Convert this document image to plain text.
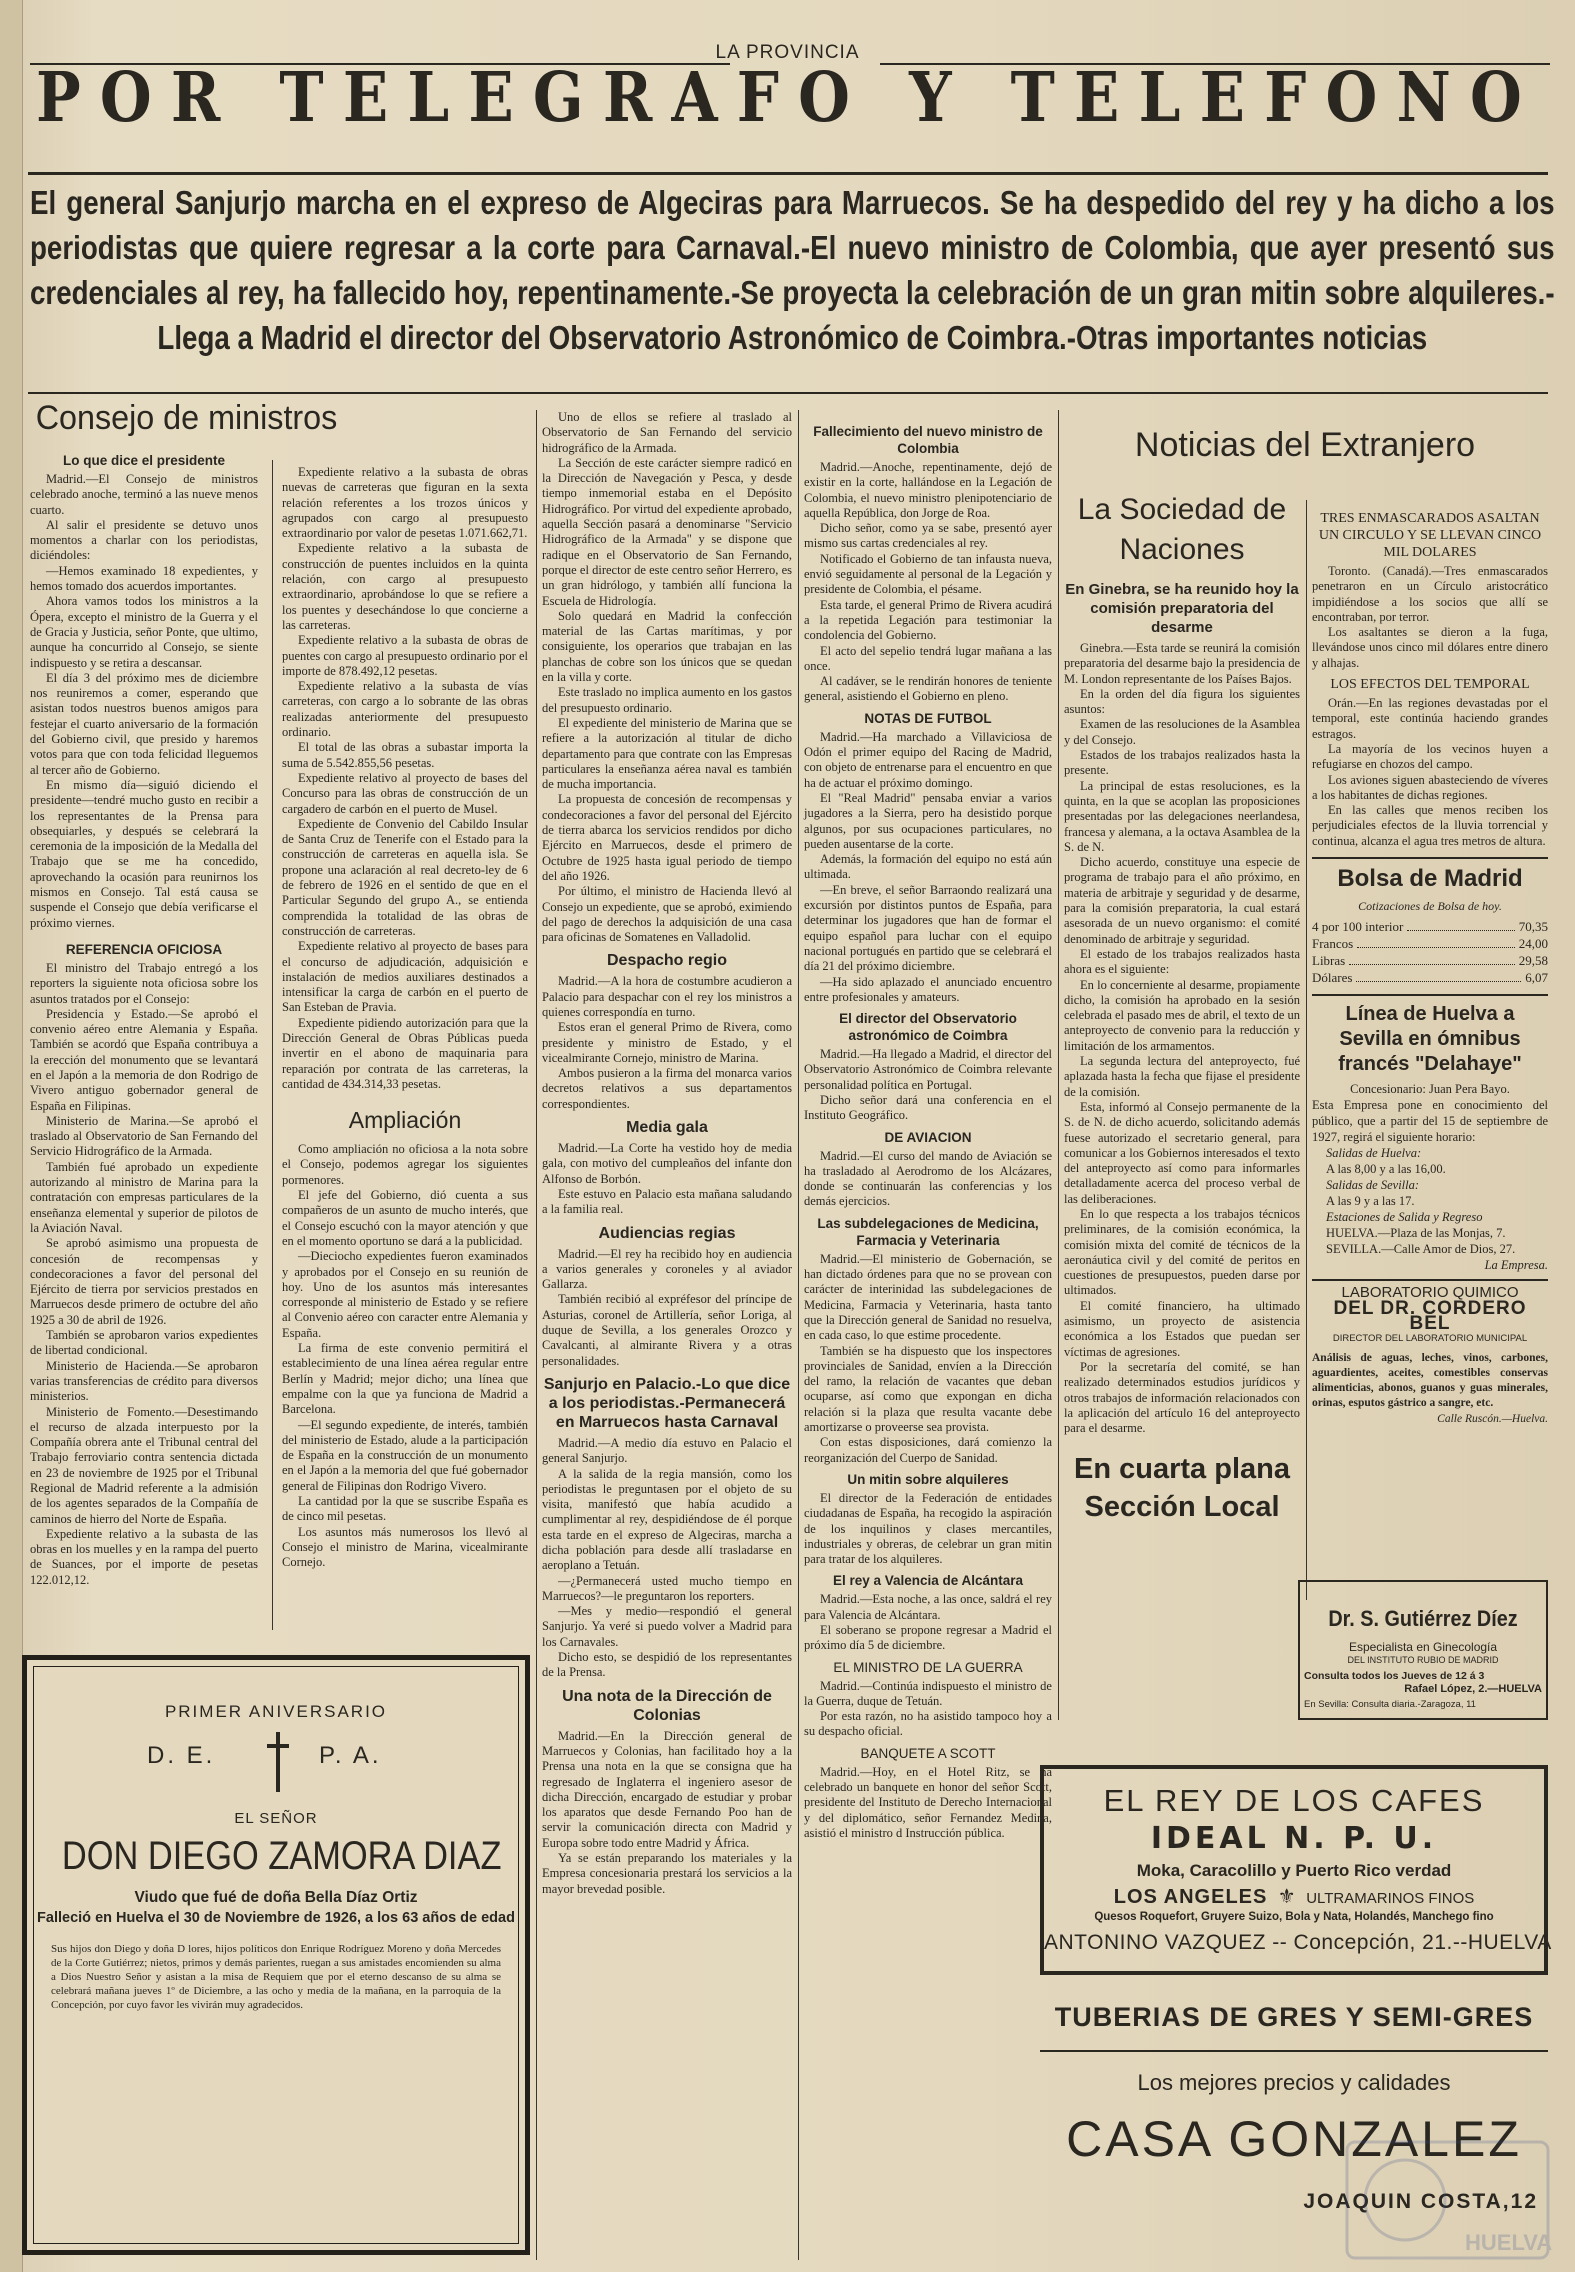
LA PROVINCIA
POR TELEGRAFO Y TELEFONO
El general Sanjurjo marcha en el expreso de Algeciras para Marruecos. Se ha despedido del rey y ha dicho a los periodistas que quiere regresar a la corte para Carnaval.-El nuevo ministro de Colombia, que ayer presentó sus credenciales al rey, ha fallecido hoy, repentinamente.-Se proyecta la celebración de un gran mitin sobre alquileres.-Llega a Madrid el director del Observatorio Astronómico de Coimbra.-Otras importantes noticias
Consejo de ministros
Lo que dice el presidente

Madrid.—El Consejo de ministros celebrado anoche, terminó a las nueve menos cuarto.

Al salir el presidente se detuvo unos momentos a charlar con los periodistas, diciéndoles:

—Hemos examinado 18 expedientes, y hemos tomado dos acuerdos importantes.

Ahora vamos todos los ministros a la Ópera, excepto el ministro de la Guerra y el de Gracia y Justicia, señor Ponte, que ultimo, aunque ha concurrido al Consejo, se siente indispuesto y se retira a descansar.

El día 3 del próximo mes de diciembre nos reuniremos a comer, esperando que asistan todos nuestros buenos amigos para festejar el cuarto aniversario de la formación del Gobierno civil, que presido y haremos votos para que con toda felicidad lleguemos al tercer año de Gobierno.

En mismo día—siguió diciendo el presidente—tendré mucho gusto en recibir a los representantes de la Prensa para obsequiarles, y después se celebrará la ceremonia de la imposición de la Medalla del Trabajo que se me ha concedido, aprovechando la ocasión para reunirnos los mismos en Consejo. Tal está causa se suspende el Consejo que debía verificarse el próximo viernes.

REFERENCIA OFICIOSA

El ministro del Trabajo entregó a los reporters la siguiente nota oficiosa sobre los asuntos tratados por el Consejo:

Presidencia y Estado.—Se aprobó el convenio aéreo entre Alemania y España. También se acordó que España contribuya a la erección del monumento que se levantará en el Japón a la memoria de don Rodrigo de Vivero antiguo gobernador general de España en Filipinas.

Ministerio de Marina.—Se aprobó el traslado al Observatorio de San Fernando del Servicio Hidrográfico de la Armada.

También fué aprobado un expediente autorizando al ministro de Marina para la contratación con empresas particulares de la enseñanza elemental y superior de pilotos de la Aviación Naval.

Se aprobó asimismo una propuesta de concesión de recompensas y condecoraciones a favor del personal del Ejército de tierra por servicios prestados en Marruecos desde primero de octubre del año 1925 a 30 de abril de 1926.

También se aprobaron varios expedientes de libertad condicional.

Ministerio de Hacienda.—Se aprobaron varias transferencias de crédito para diversos ministerios.

Ministerio de Fomento.—Desestimando el recurso de alzada interpuesto por la Compañía obrera ante el Tribunal central del Trabajo ferroviario contra sentencia dictada en 23 de noviembre de 1925 por el Tribunal Regional de Madrid referente a la admisión de los agentes separados de la Compañía de caminos de hierro del Norte de España.

Expediente relativo a la subasta de las obras en los muelles y en la rampa del puerto de Suances, por el importe de pesetas 122.012,12.

Expediente relativo a la subasta de obras nuevas de carreteras que figuran en la sexta relación referentes a los trozos únicos y agrupados con cargo al presupuesto extraordinario por valor de pesetas 1.071.662,71.

Expediente relativo a la subasta de construcción de puentes incluidos en la quinta relación, con cargo al presupuesto extraordinario, aprobándose lo que se refiere a los puentes y desechándose lo que concierne a las carreteras.

Expediente relativo a la subasta de obras de puentes con cargo al presupuesto ordinario por el importe de 878.492,12 pesetas.

Expediente relativo a la subasta de vías carreteras, con cargo a lo sobrante de las obras realizadas anteriormente del presupuesto ordinario.

El total de las obras a subastar importa la suma de 5.542.855,56 pesetas.

Expediente relativo al proyecto de bases del Concurso para las obras de construcción de un cargadero de carbón en el puerto de Musel.

Expediente de Convenio del Cabildo Insular de Santa Cruz de Tenerife con el Estado para la construcción de carreteras en aquella isla. Se propone una aclaración al real decreto-ley de 6 de febrero de 1926 en el sentido de que en el Particular Segundo del grupo A., se entienda comprendida la totalidad de las obras de construcción de carreteras.

Expediente relativo al proyecto de bases para el concurso de adjudicación, adquisición e instalación de medios auxiliares destinados a intensificar la carga de carbón en el puerto de San Esteban de Pravia.

Expediente pidiendo autorización para que la Dirección General de Obras Públicas pueda invertir en el abono de maquinaria para reparación por contrata de las carreteras, la cantidad de 434.314,33 pesetas.

Ampliación

Como ampliación no oficiosa a la nota sobre el Consejo, podemos agregar los siguientes pormenores.

El jefe del Gobierno, dió cuenta a sus compañeros de un asunto de mucho interés, que el Consejo escuchó con la mayor atención y que en el momento oportuno se dará a la publicidad.

—Dieciocho expedientes fueron examinados y aprobados por el Consejo en su reunión de hoy. Uno de los asuntos más interesantes corresponde al ministerio de Estado y se refiere al Convenio aéreo con caracter entre Alemania y España.

La firma de este convenio permitirá el establecimiento de una línea aérea regular entre Berlín y Madrid; mejor dicho; una línea que empalme con la que ya funciona de Madrid a Barcelona.

—El segundo expediente, de interés, también del ministerio de Estado, alude a la participación de España en la construcción de un monumento en el Japón a la memoria del que fué gobernador general de Filipinas don Rodrigo Vivero.

La cantidad por la que se suscribe España es de cinco mil pesetas.

Los asuntos más numerosos los llevó al Consejo el ministro de Marina, vicealmirante Cornejo.

Uno de ellos se refiere al traslado al Observatorio de San Fernando del servicio hidrográfico de la Armada.

La Sección de este carácter siempre radicó en la Dirección de Navegación y Pesca, y desde tiempo inmemorial estaba en el Depósito Hidrográfico. Por virtud del expediente aprobado, aquella Sección pasará a denominarse "Servicio Hidrográfico de la Armada" y se dispone que radique en el Observatorio de San Fernando, porque el director de este centro señor Herrero, es un gran hidrólogo, y también allí funciona la Escuela de Hidrología.

Solo quedará en Madrid la confección material de las Cartas marítimas, y por consiguiente, los operarios que trabajan en las planchas de cobre son los únicos que se quedan en la villa y corte.

Este traslado no implica aumento en los gastos del presupuesto ordinario.

El expediente del ministerio de Marina que se refiere a la autorización al titular de dicho departamento para que contrate con las Empresas particulares la enseñanza aérea naval es también de mucha importancia.

La propuesta de concesión de recompensas y condecoraciones a favor del personal del Ejército de tierra abarca los servicios rendidos por dicho Ejército en Marruecos, desde el primero de Octubre de 1925 hasta igual periodo de tiempo del año 1926.

Por último, el ministro de Hacienda llevó al Consejo un expediente, que se aprobó, eximiendo del pago de derechos la adquisición de una casa para oficinas de Somatenes en Valladolid.

Despacho regio

Madrid.—A la hora de costumbre acudieron a Palacio para despachar con el rey los ministros a quienes correspondía en turno.

Estos eran el general Primo de Rivera, como presidente y ministro de Estado, y el vicealmirante Cornejo, ministro de Marina.

Ambos pusieron a la firma del monarca varios decretos relativos a sus departamentos correspondientes.

Media gala

Madrid.—La Corte ha vestido hoy de media gala, con motivo del cumpleaños del infante don Alfonso de Borbón.

Este estuvo en Palacio esta mañana saludando a la familia real.

Audiencias regias

Madrid.—El rey ha recibido hoy en audiencia a varios generales y coroneles y al aviador Gallarza.

También recibió al expréfesor del príncipe de Asturias, coronel de Artillería, señor Loriga, al duque de Sevilla, a los generales Orozco y Cavalcanti, al almirante Rivera y a otras personalidades.

Sanjurjo en Palacio.-Lo que dice a los periodistas.-Permanecerá en Marruecos hasta Carnaval

Madrid.—A medio día estuvo en Palacio el general Sanjurjo.

A la salida de la regia mansión, como los periodistas le preguntasen por el objeto de su visita, manifestó que había acudido a cumplimentar al rey, despidiéndose de él porque esta tarde en el expreso de Algeciras, marcha a dicha población para desde allí trasladarse en aeroplano a Tetuán.

—¿Permanecerá usted mucho tiempo en Marruecos?—le preguntaron los reporters.

—Mes y medio—respondió el general Sanjurjo. Ya veré si puedo volver a Madrid para los Carnavales.

Dicho esto, se despidió de los representantes de la Prensa.

Una nota de la Dirección de Colonias

Madrid.—En la Dirección general de Marruecos y Colonias, han facilitado hoy a la Prensa una nota en la que se consigna que ha regresado de Inglaterra el ingeniero asesor de dicha Dirección, encargado de estudiar y probar los aparatos que desde Fernando Poo han de servir la comunicación directa con Madrid y Europa sobre todo entre Madrid y África.

Ya se están preparando los materiales y la Empresa concesionaria prestará los servicios a la mayor brevedad posible.

Fallecimiento del nuevo ministro de Colombia

Madrid.—Anoche, repentinamente, dejó de existir en la corte, hallándose en la Legación de Colombia, el nuevo ministro plenipotenciario de aquella República, don Jorge de Roa.

Dicho señor, como ya se sabe, presentó ayer mismo sus cartas credenciales al rey.

Notificado el Gobierno de tan infausta nueva, envió seguidamente al personal de la Legación y presidente de Colombia, el pésame.

Esta tarde, el general Primo de Rivera acudirá a la repetida Legación para testimoniar la condolencia del Gobierno.

El acto del sepelio tendrá lugar mañana a las once.

Al cadáver, se le rendirán honores de teniente general, asistiendo el Gobierno en pleno.

NOTAS DE FUTBOL

Madrid.—Ha marchado a Villaviciosa de Odón el primer equipo del Racing de Madrid, con objeto de entrenarse para el encuentro en que ha de actuar el próximo domingo.

El "Real Madrid" pensaba enviar a varios jugadores a la Sierra, pero ha desistido porque algunos, por sus ocupaciones particulares, no pueden ausentarse de la corte.

Además, la formación del equipo no está aún ultimada.

—En breve, el señor Barraondo realizará una excursión por distintos puntos de España, para determinar los jugadores que han de formar el equipo español para luchar con el equipo nacional portugués en partido que se celebrará el día 21 del próximo diciembre.

—Ha sido aplazado el anunciado encuentro entre profesionales y amateurs.

El director del Observatorio astronómico de Coimbra

Madrid.—Ha llegado a Madrid, el director del Observatorio Astronómico de Coimbra relevante personalidad política en Portugal.

Dicho señor dará una conferencia en el Instituto Geográfico.

DE AVIACION

Madrid.—El curso del mando de Aviación se ha trasladado al Aerodromo de los Alcázares, donde se continuarán las conferencias y los demás ejercicios.

Las subdelegaciones de Medicina, Farmacia y Veterinaria

Madrid.—El ministerio de Gobernación, se han dictado órdenes para que no se provean con carácter de interinidad las subdelegaciones de Medicina, Farmacia y Veterinaria, hasta tanto que la Dirección general de Sanidad no resuelva, en cada caso, lo que estime procedente.

También se ha dispuesto que los inspectores provinciales de Sanidad, envíen a la Dirección del ramo, la relación de vacantes que deban ocuparse, así como que expongan en dicha relación si la plaza que resulta vacante debe amortizarse o proveerse sea provista.

Con estas disposiciones, dará comienzo la reorganización del Cuerpo de Sanidad.

Un mitin sobre alquileres

El director de la Federación de entidades ciudadanas de España, ha recogido la aspiración de los inquilinos y clases mercantiles, industriales y obreras, de celebrar un gran mitin para tratar de los alquileres.

El rey a Valencia de Alcántara

Madrid.—Esta noche, a las once, saldrá el rey para Valencia de Alcántara.

El soberano se propone regresar a Madrid el próximo día 5 de diciembre.

EL MINISTRO DE LA GUERRA

Madrid.—Continúa indispuesto el ministro de la Guerra, duque de Tetuán.

Por esta razón, no ha asistido tampoco hoy a su despacho oficial.

BANQUETE A SCOTT

Madrid.—Hoy, en el Hotel Ritz, se ha celebrado un banquete en honor del señor Scott, presidente del Instituto de Derecho Internacional y del diplomático, señor Fernandez Medina, asistió el ministro d Instrucción pública.

Noticias del Extranjero
La Sociedad de Naciones
En Ginebra, se ha reunido hoy la comisión preparatoria del desarme

Ginebra.—Esta tarde se reunirá la comisión preparatoria del desarme bajo la presidencia de M. London representante de los Países Bajos.

En la orden del día figura los siguientes asuntos:

Examen de las resoluciones de la Asamblea y del Consejo.

Estados de los trabajos realizados hasta la presente.

La principal de estas resoluciones, es la quinta, en la que se acoplan las proposiciones presentadas por las delegaciones neerlandesa, francesa y alemana, a la octava Asamblea de la S. de N.

Dicho acuerdo, constituye una especie de programa de trabajo para el año próximo, en materia de arbitraje y seguridad y de desarme, para la comisión preparatoria, la cual estará asesorada de un nuevo organismo: el comité denominado de arbitraje y seguridad.

El estado de los trabajos realizados hasta ahora es el siguiente:

En lo concerniente al desarme, propiamente dicho, la comisión ha aprobado en la sesión celebrada el pasado mes de abril, el texto de un anteproyecto de convenio para la reducción y limitación de los armamentos.

La segunda lectura del anteproyecto, fué aplazada hasta la fecha que fijase el presidente de la comisión.

Esta, informó al Consejo permanente de la S. de N. de dicho acuerdo, solicitando además fuese autorizado el secretario general, para comunicar a los Gobiernos interesados el texto del anteproyecto así como para informarles detalladamente acerca del proceso verbal de las deliberaciones.

En lo que respecta a los trabajos técnicos preliminares, de la comisión económica, la comisión mixta del comité de técnicos de la aeronáutica civil y del comité de peritos en cuestiones de presupuestos, pueden darse por ultimados.

El comité financiero, ha ultimado asimismo, un proyecto de asistencia económica a los Estados que puedan ser víctimas de agresiones.

Por la secretaría del comité, se han realizado determinados estudios jurídicos y otros trabajos de información relacionados con la aplicación del artículo 16 del anteproyecto para el desarme.

En cuarta plana Sección Local
TRES ENMASCARADOS ASALTAN UN CIRCULO Y SE LLEVAN CINCO MIL DOLARES

Toronto. (Canadá).—Tres enmascarados penetraron en un Círculo aristocrático impidiéndose a los socios que allí se encontraban, por terror.

Los asaltantes se dieron a la fuga, llevándose unos cinco mil dólares entre dinero y alhajas.

LOS EFECTOS DEL TEMPORAL

Orán.—En las regiones devastadas por el temporal, este continúa haciendo grandes estragos.

La mayoría de los vecinos huyen a refugiarse en chozos del campo.

Los aviones siguen abasteciendo de víveres a los habitantes de dichas regiones.

En las calles que menos reciben los perjudiciales efectos de la lluvia torrencial y continua, alcanza el agua tres metros de altura.

Bolsa de Madrid
Cotizaciones de Bolsa de hoy.
4 por 100 interior	70,35
Francos	24,00
Libras	29,58
Dólares	6,07
Línea de Huelva a Sevilla en ómnibus francés "Delahaye"
Concesionario: Juan Pera Bayo.
Esta Empresa pone en conocimiento del público, que a partir del 15 de septiembre de 1927, regirá el siguiente horario:
Salidas de Huelva:
A las 8,00 y a las 16,00.
Salidas de Sevilla:
A las 9 y a las 17.
Estaciones de Salida y Regreso
HUELVA.—Plaza de las Monjas, 7.
SEVILLA.—Calle Amor de Dios, 27.
La Empresa.
LABORATORIO QUIMICO
DEL DR. CORDERO BEL
DIRECTOR DEL LABORATORIO MUNICIPAL
Análisis de aguas, leches, vinos, carbones, aguardientes, aceites, comestibles conservas alimenticias, abonos, guanos y guas minerales, orinas, esputos gástrico a sangre, etc.
Calle Ruscón.—Huelva.
Dr. S. Gutiérrez Díez
Especialista en Ginecología
DEL INSTITUTO RUBIO DE MADRID
Consulta todos los Jueves de 12 á 3
Rafael López, 2.—HUELVA
En Sevilla: Consulta diaria.-Zaragoza, 11
EL REY DE LOS CAFES
IDEAL N. P. U.
Moka, Caracolillo y Puerto Rico verdad
LOS ANGELES ⚜ ULTRAMARINOS FINOS
Quesos Roquefort, Gruyere Suizo, Bola y Nata, Holandés, Manchego fino
ANTONINO VAZQUEZ -- Concepción, 21.--HUELVA
TUBERIAS DE GRES Y SEMI-GRES
Los mejores precios y calidades
CASA GONZALEZ
JOAQUIN COSTA,12
PRIMER ANIVERSARIO
D. E.	P. A.
EL SEÑOR
DON DIEGO ZAMORA DIAZ
Viudo que fué de doña Bella Díaz Ortiz
Falleció en Huelva el 30 de Noviembre de 1926, a los 63 años de edad
Sus hijos don Diego y doña D lores, hijos políticos don Enrique Rodríguez Moreno y doña Mercedes de la Corte Gutiérrez; nietos, primos y demás parientes, ruegan a sus amistades encomienden su alma a Dios Nuestro Señor y asistan a la misa de Requiem que por el eterno descanso de su alma se celebrará mañana jueves 1º de Diciembre, a las ocho y media de la mañana, en la parroquia de la Concepción, por cuyo favor les vivirán muy agradecidos.
HUELVA
